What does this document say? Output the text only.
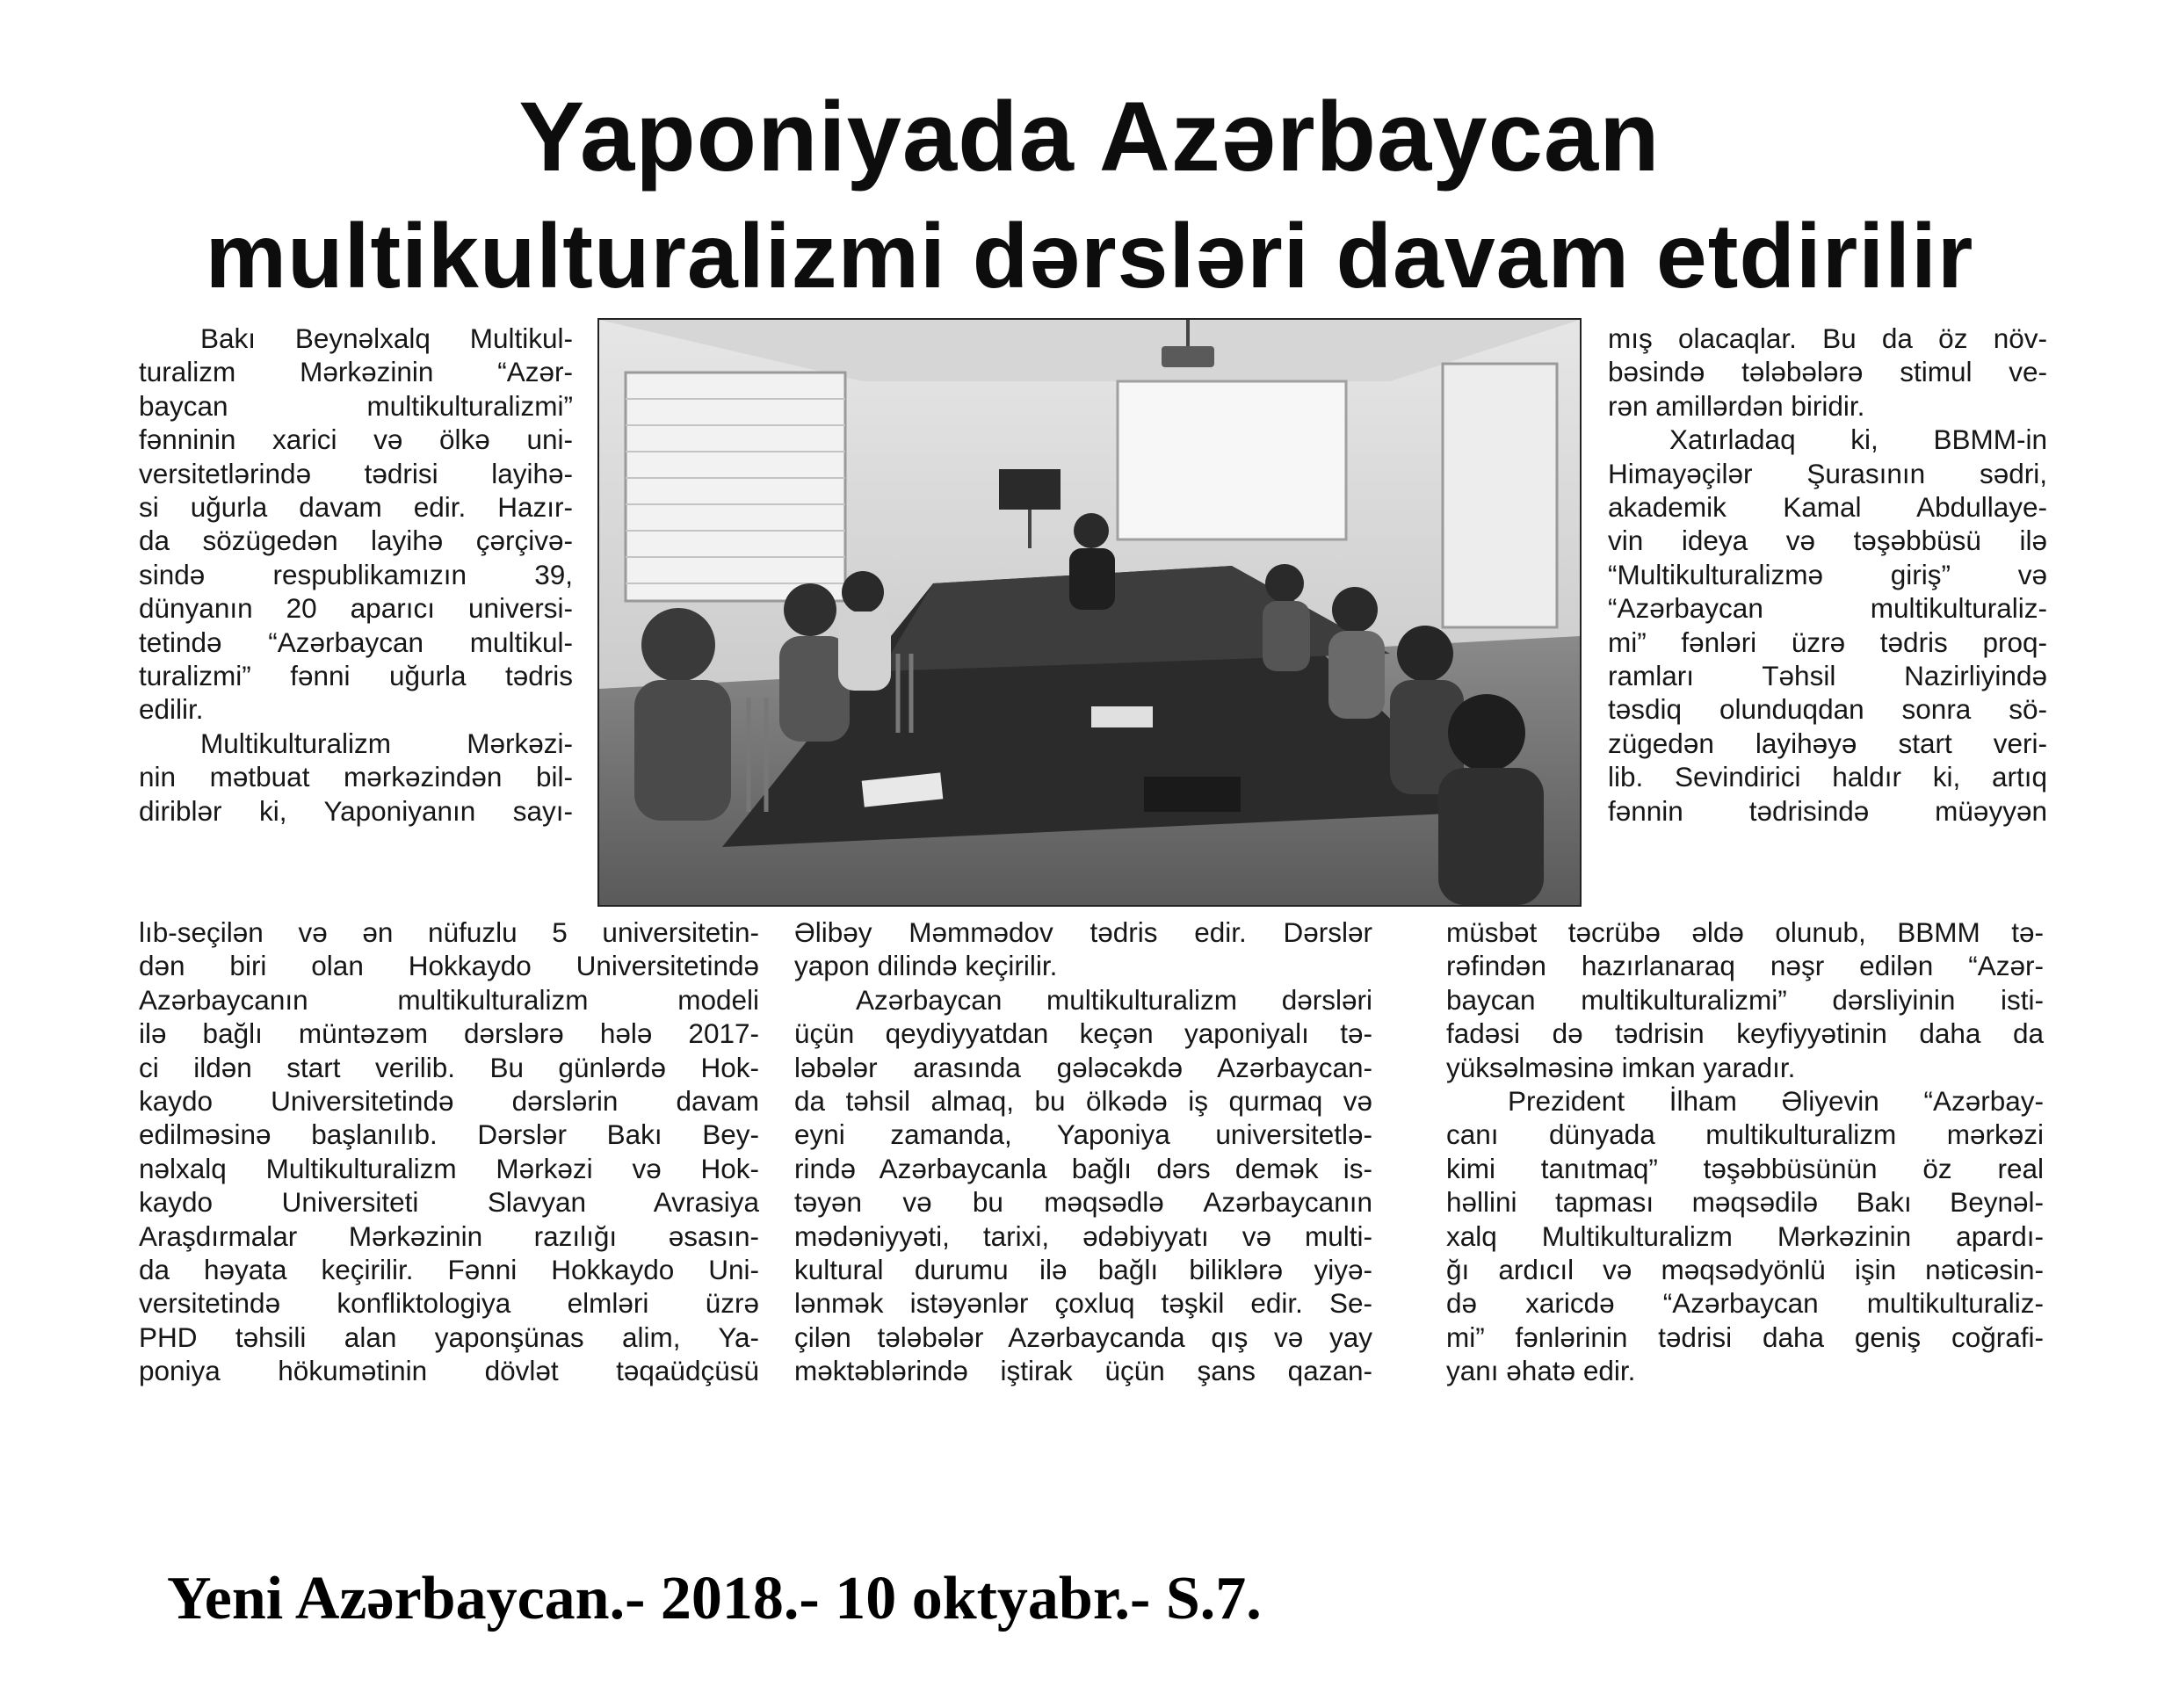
Yaponiyada Azərbaycan
multikulturalizmi dərsləri davam etdirilir
Bakı Beynəlxalq Multikul-
turalizm Mərkəzinin “Azər-
baycan multikulturalizmi”
fənninin xarici və ölkə uni-
versitetlərində tədrisi layihə-
si uğurla davam edir. Hazır-
da sözügedən layihə çərçivə-
sində respublikamızın 39,
dünyanın 20 aparıcı universi-
tetində “Azərbaycan multikul-
turalizmi” fənni uğurla tədris
edilir.
Multikulturalizm Mərkəzi-
nin mətbuat mərkəzindən bil-
diriblər ki, Yaponiyanın sayı-
lıb-seçilən və ən nüfuzlu 5 universitetin-
dən biri olan Hokkaydo Universitetində
Azərbaycanın multikulturalizm modeli
ilə bağlı müntəzəm dərslərə hələ 2017-
ci ildən start verilib. Bu günlərdə Hok-
kaydo Universitetində dərslərin davam
edilməsinə başlanılıb. Dərslər Bakı Bey-
nəlxalq Multikulturalizm Mərkəzi və Hok-
kaydo Universiteti Slavyan Avrasiya
Araşdırmalar Mərkəzinin razılığı əsasın-
da həyata keçirilir. Fənni Hokkaydo Uni-
versitetində konfliktologiya elmləri üzrə
PHD təhsili alan yaponşünas alim, Ya-
poniya hökumətinin dövlət təqaüdçüsü
Əlibəy Məmmədov tədris edir. Dərslər
yapon dilində keçirilir.
Azərbaycan multikulturalizm dərsləri
üçün qeydiyyatdan keçən yaponiyalı tə-
ləbələr arasında gələcəkdə Azərbaycan-
da təhsil almaq, bu ölkədə iş qurmaq və
eyni zamanda, Yaponiya universitetlə-
rində Azərbaycanla bağlı dərs demək is-
təyən və bu məqsədlə Azərbaycanın
mədəniyyəti, tarixi, ədəbiyyatı və multi-
kultural durumu ilə bağlı biliklərə yiyə-
lənmək istəyənlər çoxluq təşkil edir. Se-
çilən tələbələr Azərbaycanda qış və yay
məktəblərində iştirak üçün şans qazan-
mış olacaqlar. Bu da öz növ-
bəsində tələbələrə stimul ve-
rən amillərdən biridir.
Xatırladaq ki, BBMM-in
Himayəçilər Şurasının sədri,
akademik Kamal Abdullaye-
vin ideya və təşəbbüsü ilə
“Multikulturalizmə giriş” və
“Azərbaycan multikulturaliz-
mi” fənləri üzrə tədris proq-
ramları Təhsil Nazirliyində
təsdiq olunduqdan sonra sö-
zügedən layihəyə start veri-
lib. Sevindirici haldır ki, artıq
fənnin tədrisində müəyyən
müsbət təcrübə əldə olunub, BBMM tə-
rəfindən hazırlanaraq nəşr edilən “Azər-
baycan multikulturalizmi” dərsliyinin isti-
fadəsi də tədrisin keyfiyyətinin daha da
yüksəlməsinə imkan yaradır.
Prezident İlham Əliyevin “Azərbay-
canı dünyada multikulturalizm mərkəzi
kimi tanıtmaq” təşəbbüsünün öz real
həllini tapması məqsədilə Bakı Beynəl-
xalq Multikulturalizm Mərkəzinin apardı-
ğı ardıcıl və məqsədyönlü işin nəticəsin-
də xaricdə “Azərbaycan multikulturaliz-
mi” fənlərinin tədrisi daha geniş coğrafi-
yanı əhatə edir.

Yeni Azərbaycan.- 2018.- 10 oktyabr.- S.7.
